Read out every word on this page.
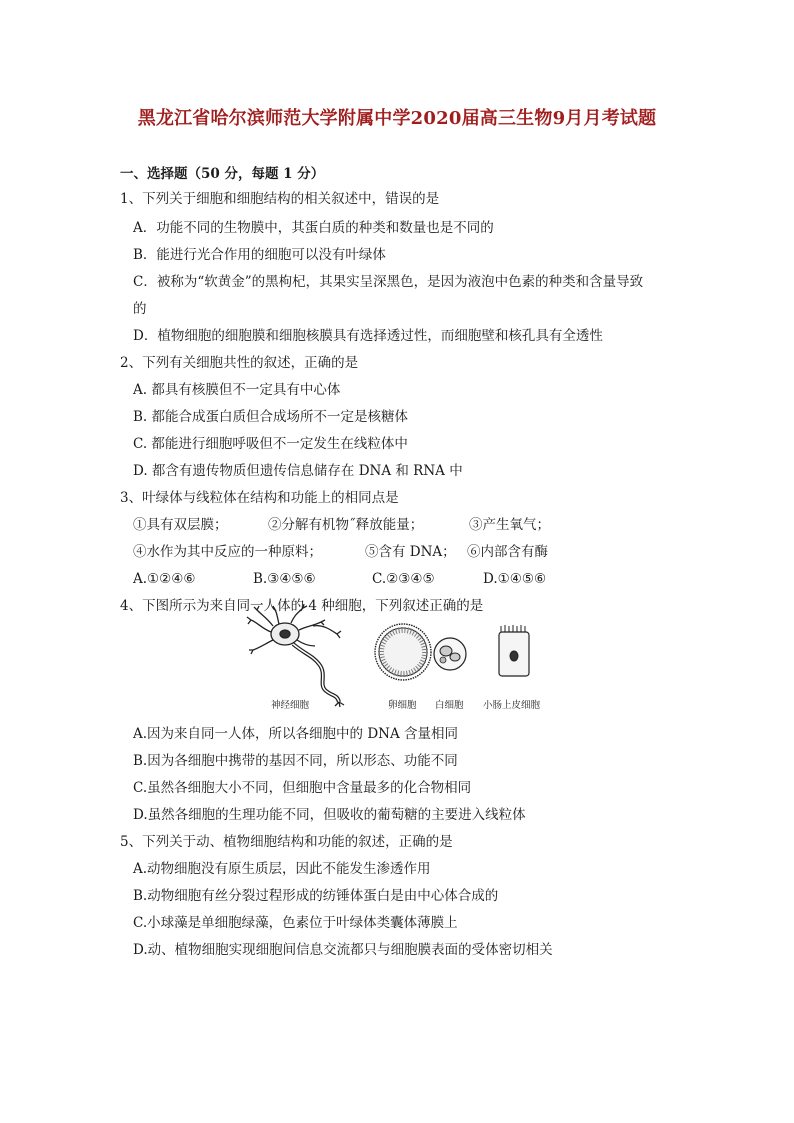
黑龙江省哈尔滨师范大学附属中学2020届高三生物9月月考试题
一、选择题（50 分，每题 1 分）
1、下列关于细胞和细胞结构的相关叙述中，错误的是
A．功能不同的生物膜中，其蛋白质的种类和数量也是不同的
B．能进行光合作用的细胞可以没有叶绿体
C．被称为“软黄金”的黑枸杞，其果实呈深黑色，是因为液泡中色素的种类和含量导致
的
D．植物细胞的细胞膜和细胞核膜具有选择透过性，而细胞壁和核孔具有全透性
2、下列有关细胞共性的叙述，正确的是
A. 都具有核膜但不一定具有中心体
B. 都能合成蛋白质但合成场所不一定是核糖体
C. 都能进行细胞呼吸但不一定发生在线粒体中
D. 都含有遗传物质但遗传信息储存在 DNA 和 RNA 中
3、叶绿体与线粒体在结构和功能上的相同点是
①具有双层膜；	②分解有机物˝释放能量；	③产生氧气；
④水作为其中反应的一种原料；	⑤含有 DNA； ⑥内部含有酶
A.①②④⑥	B.③④⑤⑥	C.②③④⑤	D.①④⑤⑥
4、下图所示为来自同一人体的 4 种细胞，下列叙述正确的是
神经细胞	卵细胞 白细胞 小肠上皮细胞
A.因为来自同一人体，所以各细胞中的 DNA 含量相同
B.因为各细胞中携带的基因不同，所以形态、功能不同
C.虽然各细胞大小不同，但细胞中含量最多的化合物相同
D.虽然各细胞的生理功能不同，但吸收的葡萄糖的主要进入线粒体
5、下列关于动、植物细胞结构和功能的叙述，正确的是
A.动物细胞没有原生质层，因此不能发生渗透作用
B.动物细胞有丝分裂过程形成的纺锤体蛋白是由中心体合成的
C.小球藻是单细胞绿藻，色素位于叶绿体类囊体薄膜上
D.动、植物细胞实现细胞间信息交流都只与细胞膜表面的受体密切相关
